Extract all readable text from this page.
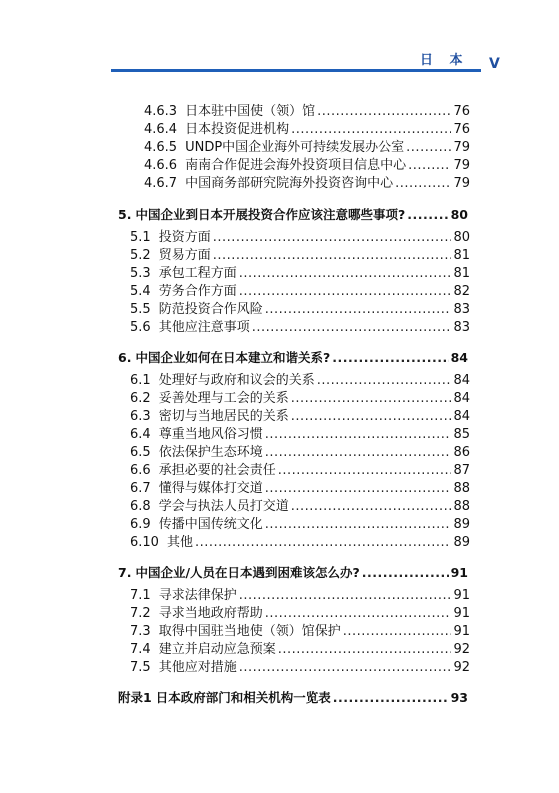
日 本 V
4.6.3 日本驻中国使（领）馆 .....	76
4.6.4 日本投资促进机构 .....	76
4.6.5 UNDP中国企业海外可持续发展办公室 .....	79
4.6.6 南南合作促进会海外投资项目信息中心 .....	79
4.6.7 中国商务部研究院海外投资咨询中心 .....	79
5. 中国企业到日本开展投资合作应该注意哪些事项? .....	80
5.1 投资方面 .....	80
5.2 贸易方面 .....	81
5.3 承包工程方面 .....	81
5.4 劳务合作方面 .....	82
5.5 防范投资合作风险 .....	83
5.6 其他应注意事项 .....	83
6. 中国企业如何在日本建立和谐关系? .....	84
6.1 处理好与政府和议会的关系 .....	84
6.2 妥善处理与工会的关系 .....	84
6.3 密切与当地居民的关系 .....	84
6.4 尊重当地风俗习惯 .....	85
6.5 依法保护生态环境 .....	86
6.6 承担必要的社会责任 .....	87
6.7 懂得与媒体打交道 .....	88
6.8 学会与执法人员打交道 .....	88
6.9 传播中国传统文化 .....	89
6.10 其他 .....	89
7. 中国企业/人员在日本遇到困难该怎么办? .....	91
7.1 寻求法律保护 .....	91
7.2 寻求当地政府帮助 .....	91
7.3 取得中国驻当地使（领）馆保护 .....	91
7.4 建立并启动应急预案 .....	92
7.5 其他应对措施 .....	92
附录1 日本政府部门和相关机构一览表 .....	93
